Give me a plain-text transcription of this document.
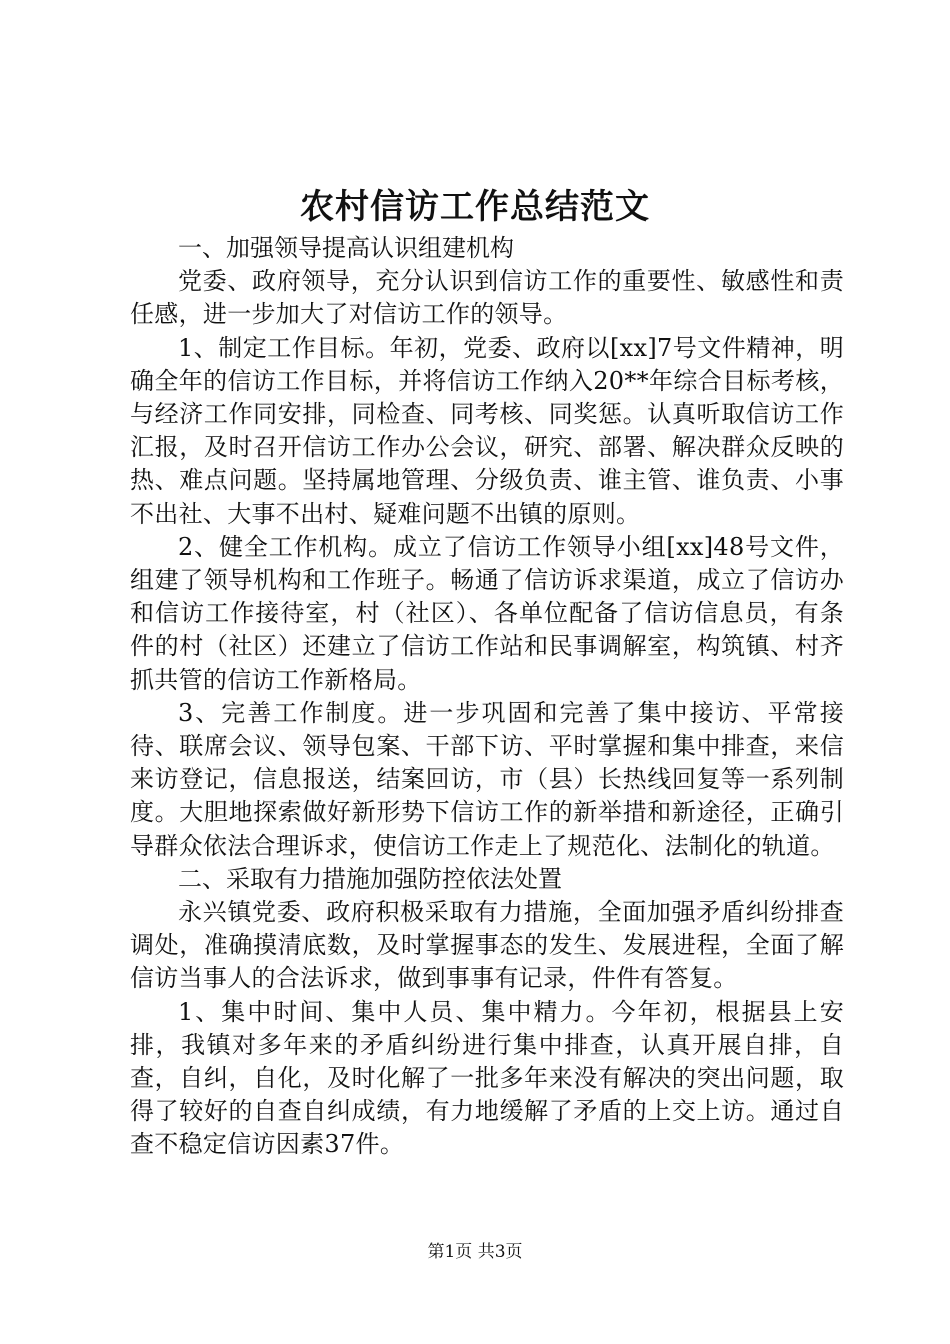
农村信访工作总结范文

一、加强领导提高认识组建机构

党委、政府领导，充分认识到信访工作的重要性、敏感性和责任感，进一步加大了对信访工作的领导。

1、制定工作目标。年初，党委、政府以[xx]7号文件精神，明确全年的信访工作目标，并将信访工作纳入20**年综合目标考核，与经济工作同安排，同检查、同考核、同奖惩。认真听取信访工作汇报，及时召开信访工作办公会议，研究、部署、解决群众反映的热、难点问题。坚持属地管理、分级负责、谁主管、谁负责、小事不出社、大事不出村、疑难问题不出镇的原则。

2、健全工作机构。成立了信访工作领导小组[xx]48号文件，组建了领导机构和工作班子。畅通了信访诉求渠道，成立了信访办和信访工作接待室，村（社区）、各单位配备了信访信息员，有条件的村（社区）还建立了信访工作站和民事调解室，构筑镇、村齐抓共管的信访工作新格局。

3、完善工作制度。进一步巩固和完善了集中接访、平常接待、联席会议、领导包案、干部下访、平时掌握和集中排查，来信来访登记，信息报送，结案回访，市（县）长热线回复等一系列制度。大胆地探索做好新形势下信访工作的新举措和新途径，正确引导群众依法合理诉求，使信访工作走上了规范化、法制化的轨道。

二、采取有力措施加强防控依法处置

永兴镇党委、政府积极采取有力措施，全面加强矛盾纠纷排查调处，准确摸清底数，及时掌握事态的发生、发展进程，全面了解信访当事人的合法诉求，做到事事有记录，件件有答复。

1、集中时间、集中人员、集中精力。今年初，根据县上安排，我镇对多年来的矛盾纠纷进行集中排查，认真开展自排，自查，自纠，自化，及时化解了一批多年来没有解决的突出问题，取得了较好的自查自纠成绩，有力地缓解了矛盾的上交上访。通过自查不稳定信访因素37件。

第1页 共3页
